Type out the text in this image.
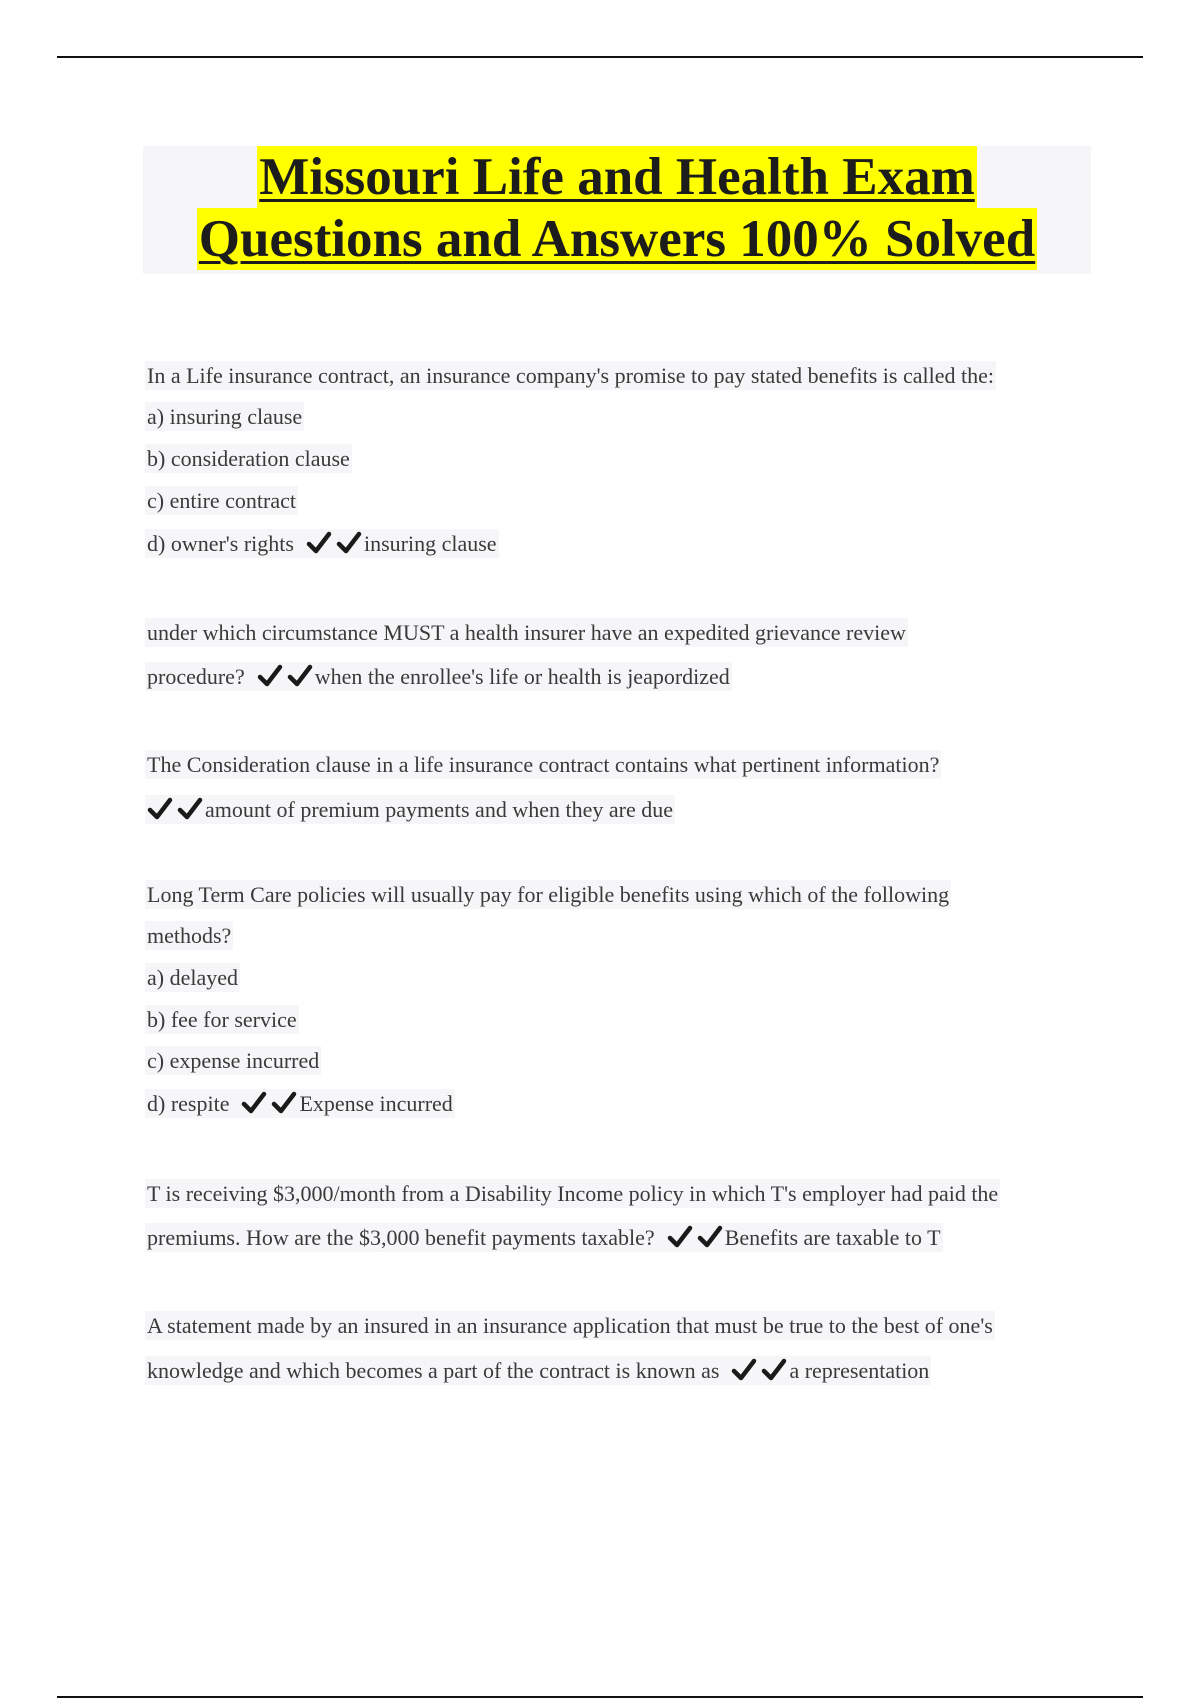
Missouri Life and Health Exam
Questions and Answers 100% Solved
In a Life insurance contract, an insurance company's promise to pay stated benefits is called the:
a) insuring clause
b) consideration clause
c) entire contract
d) owner's rights	insuring clause
under which circumstance MUST a health insurer have an expedited grievance review
procedure?	when the enrollee's life or health is jeapordized
The Consideration clause in a life insurance contract contains what pertinent information?
amount of premium payments and when they are due
Long Term Care policies will usually pay for eligible benefits using which of the following
methods?
a) delayed
b) fee for service
c) expense incurred
d) respite	Expense incurred
T is receiving $3,000/month from a Disability Income policy in which T's employer had paid the
premiums. How are the $3,000 benefit payments taxable?	Benefits are taxable to T
A statement made by an insured in an insurance application that must be true to the best of one's
knowledge and which becomes a part of the contract is known as	a representation
